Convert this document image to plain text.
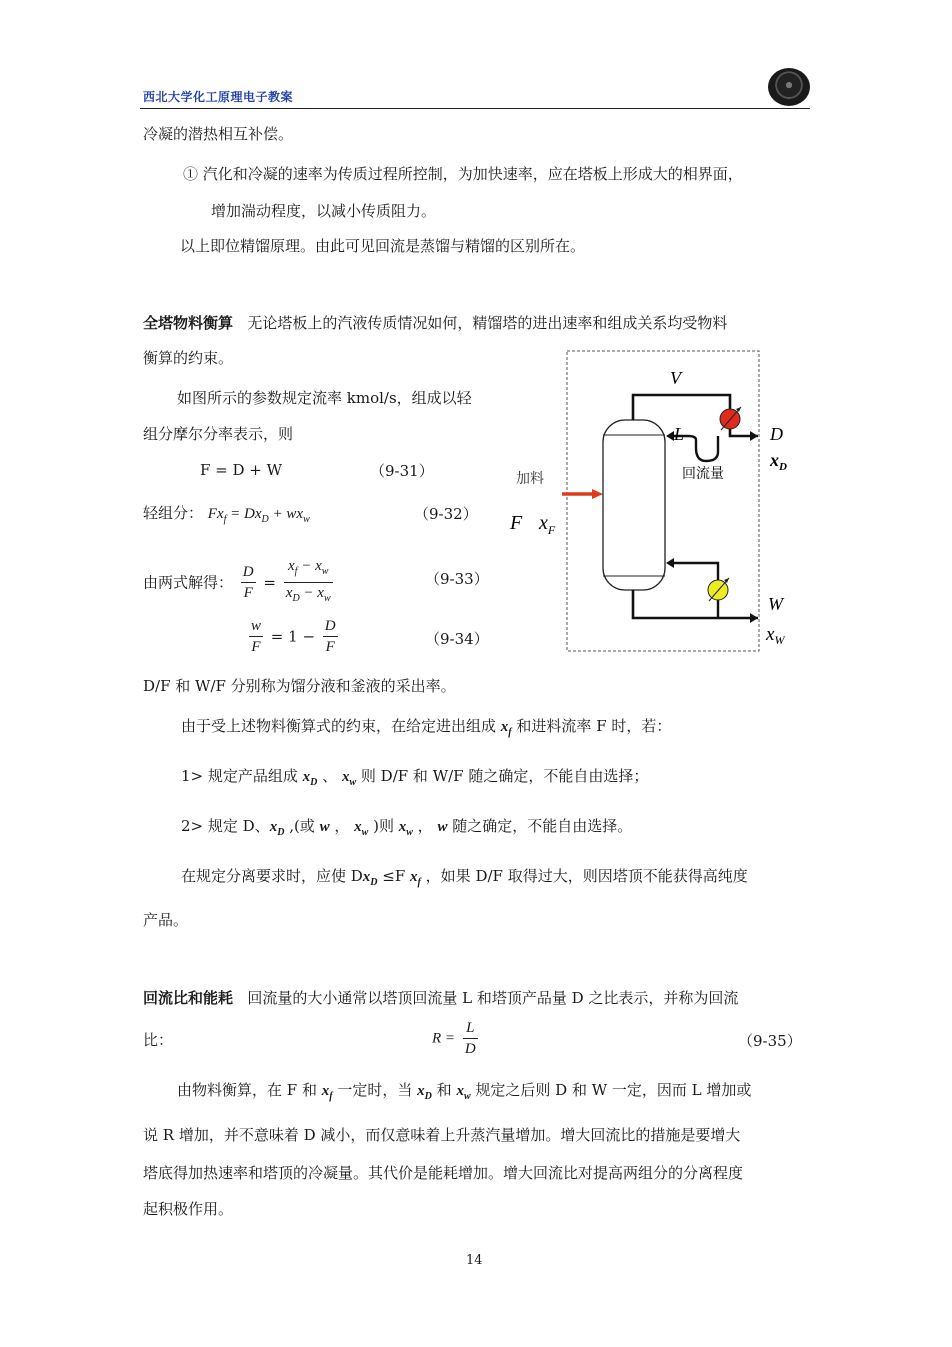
西北大学化工原理电子教案
冷凝的潜热相互补偿。
① 汽化和冷凝的速率为传质过程所控制，为加快速率，应在塔板上形成大的相界面，
增加湍动程度，以减小传质阻力。
以上即位精馏原理。由此可见回流是蒸馏与精馏的区别所在。
全塔物料衡算 无论塔板上的汽液传质情况如何，精馏塔的进出速率和组成关系均受物料
衡算的约束。
如图所示的参数规定流率 kmol/s，组成以轻
组分摩尔分率表示，则
F = D + W	（9-31）
轻组分： $Fx_f = Dx_D + wx_w$	（9-32）
由两式解得： $\frac{D}{F} = \frac{x_f - x_w}{x_D - x_w}$	（9-33）
$\frac{w}{F} = 1 - \frac{D}{F}$	（9-34）
V
L	D
$x_D$
回流量
加料
F $x_F$
W
$x_W$
D/F 和 W/F 分别称为馏分液和釜液的采出率。
由于受上述物料衡算式的约束，在给定进出组成 $x_f$ 和进料流率 F 时，若：
1> 规定产品组成 $x_D$ 、 $x_w$ 则 D/F 和 W/F 随之确定，不能自由选择；
2> 规定 D、$x_D$ ,(或 w ， $x_w$ )则 $x_w$ ， w 随之确定，不能自由选择。
在规定分离要求时，应使 $Dx_D \le F$ $x_f$ ，如果 D/F 取得过大，则因塔顶不能获得高纯度
产品。
回流比和能耗 回流量的大小通常以塔顶回流量 L 和塔顶产品量 D 之比表示，并称为回流
比：	$R = \frac{L}{D}$	（9-35）
由物料衡算，在 F 和 $x_f$ 一定时，当 $x_D$ 和 $x_w$ 规定之后则 D 和 W 一定，因而 L 增加或
说 R 增加，并不意味着 D 减小，而仅意味着上升蒸汽量增加。增大回流比的措施是要增大
塔底得加热速率和塔顶的冷凝量。其代价是能耗增加。增大回流比对提高两组分的分离程度
起积极作用。
14
